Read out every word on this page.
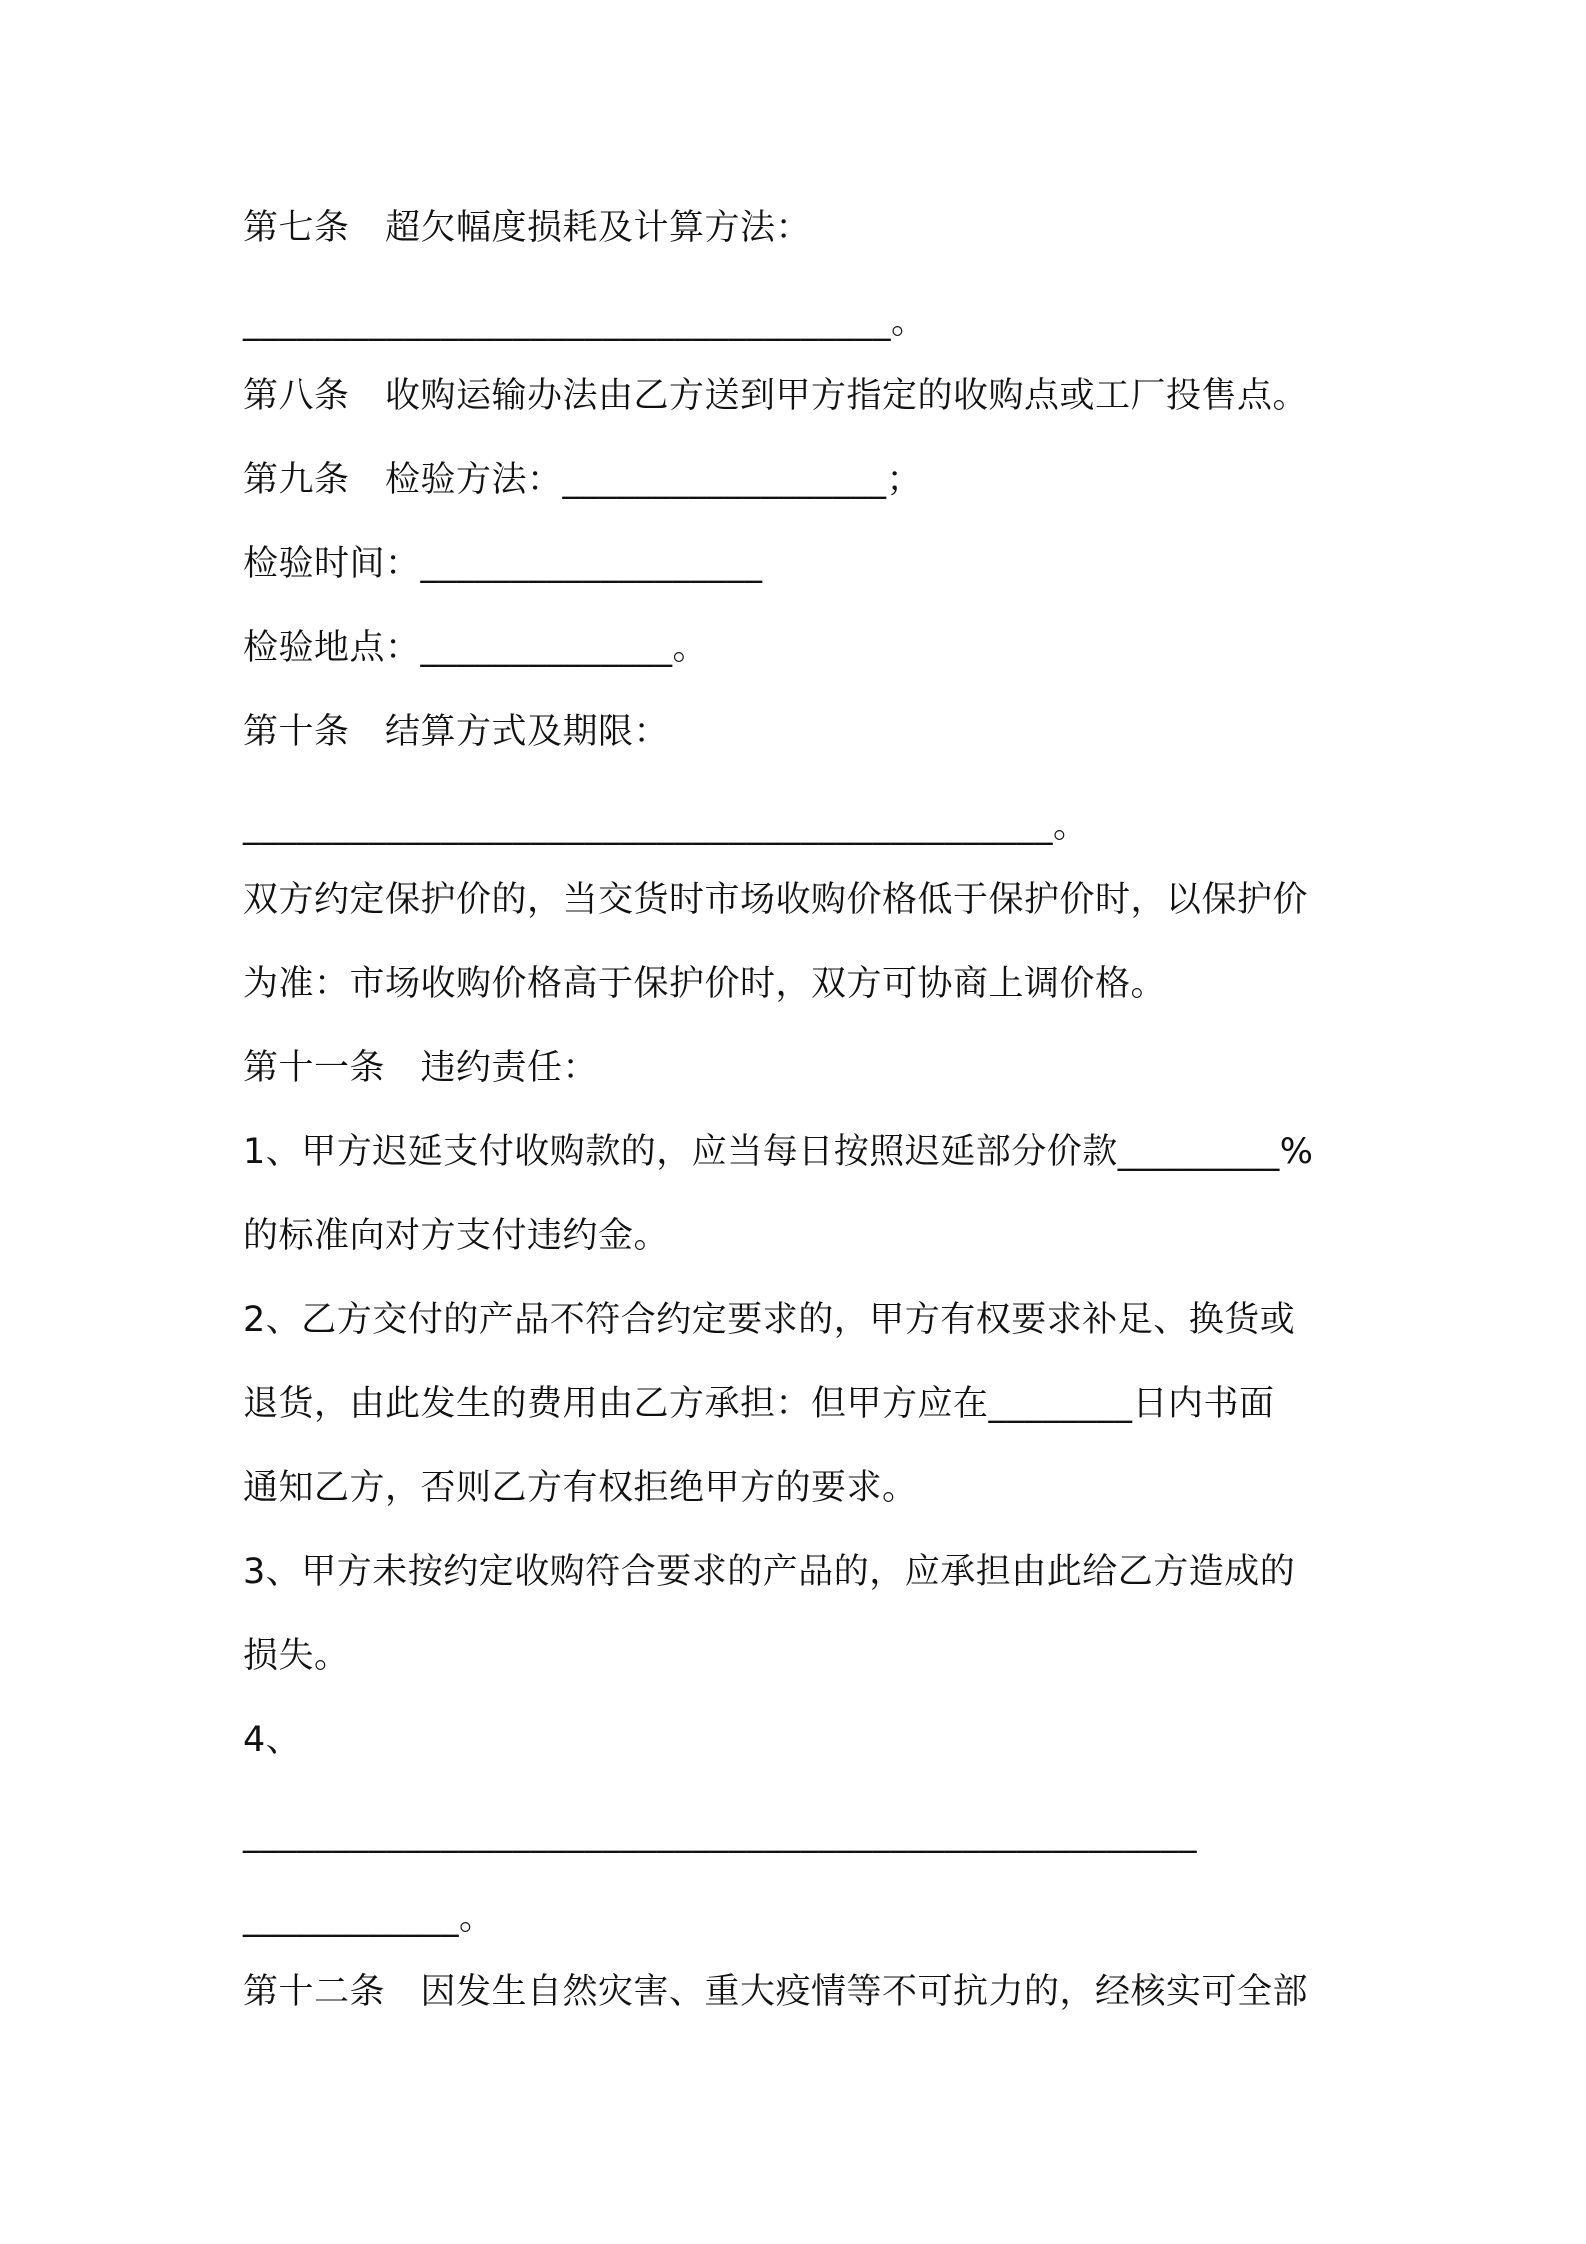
第七条　超欠幅度损耗及计算方法：
____________________________________。
第八条　收购运输办法由乙方送到甲方指定的收购点或工厂投售点。
第九条　检验方法：__________________；
检验时间：___________________
检验地点：______________。
第十条　结算方式及期限：
_____________________________________________。
双方约定保护价的，当交货时市场收购价格低于保护价时，以保护价
为准：市场收购价格高于保护价时，双方可协商上调价格。
第十一条　违约责任：
1、甲方迟延支付收购款的，应当每日按照迟延部分价款_________%
的标准向对方支付违约金。
2、乙方交付的产品不符合约定要求的，甲方有权要求补足、换货或
退货，由此发生的费用由乙方承担：但甲方应在________日内书面
通知乙方，否则乙方有权拒绝甲方的要求。
3、甲方未按约定收购符合要求的产品的，应承担由此给乙方造成的
损失。
4、
_____________________________________________________
____________。
第十二条　因发生自然灾害、重大疫情等不可抗力的，经核实可全部
